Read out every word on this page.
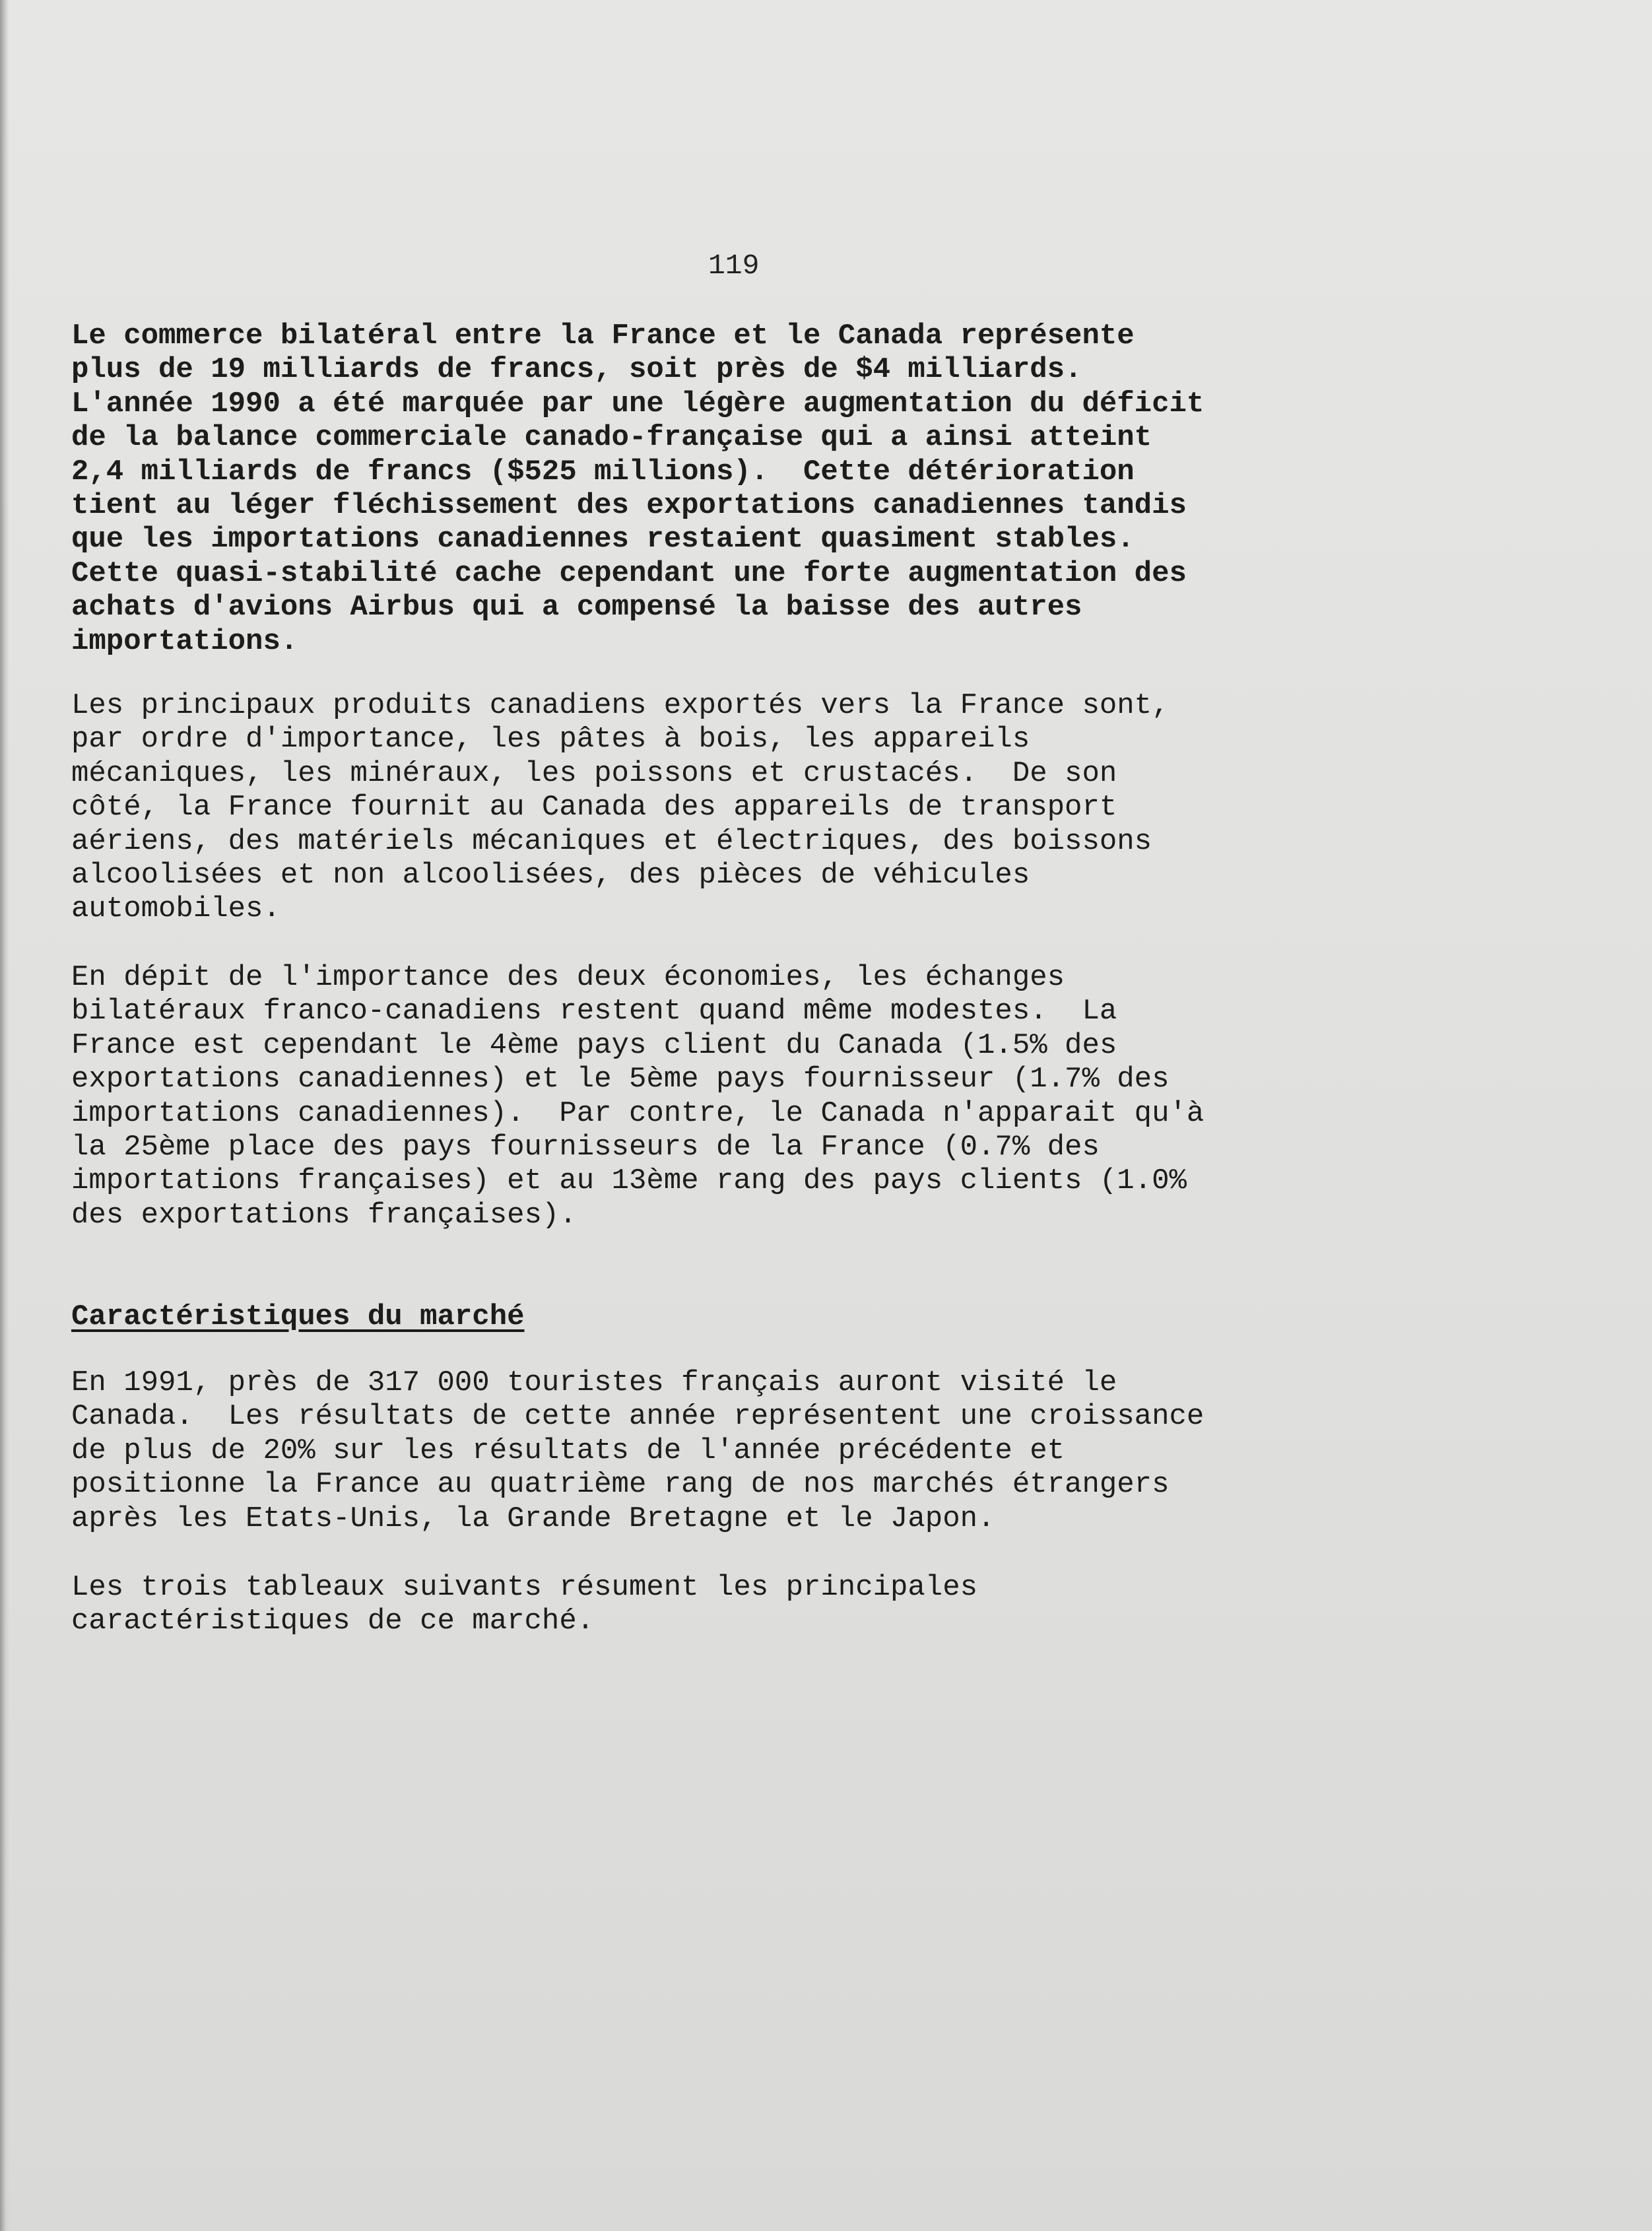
119
Le commerce bilatéral entre la France et le Canada représente
plus de 19 milliards de francs, soit près de $4 milliards.
L'année 1990 a été marquée par une légère augmentation du déficit
de la balance commerciale canado-française qui a ainsi atteint
2,4 milliards de francs ($525 millions).  Cette détérioration
tient au léger fléchissement des exportations canadiennes tandis
que les importations canadiennes restaient quasiment stables.
Cette quasi-stabilité cache cependant une forte augmentation des
achats d'avions Airbus qui a compensé la baisse des autres
importations.
Les principaux produits canadiens exportés vers la France sont,
par ordre d'importance, les pâtes à bois, les appareils
mécaniques, les minéraux, les poissons et crustacés.  De son
côté, la France fournit au Canada des appareils de transport
aériens, des matériels mécaniques et électriques, des boissons
alcoolisées et non alcoolisées, des pièces de véhicules
automobiles.
En dépit de l'importance des deux économies, les échanges
bilatéraux franco-canadiens restent quand même modestes.  La
France est cependant le 4ème pays client du Canada (1.5% des
exportations canadiennes) et le 5ème pays fournisseur (1.7% des
importations canadiennes).  Par contre, le Canada n'apparait qu'à
la 25ème place des pays fournisseurs de la France (0.7% des
importations françaises) et au 13ème rang des pays clients (1.0%
des exportations françaises).
Caractéristiques du marché
En 1991, près de 317 000 touristes français auront visité le
Canada.  Les résultats de cette année représentent une croissance
de plus de 20% sur les résultats de l'année précédente et
positionne la France au quatrième rang de nos marchés étrangers
après les Etats-Unis, la Grande Bretagne et le Japon.
Les trois tableaux suivants résument les principales
caractéristiques de ce marché.
